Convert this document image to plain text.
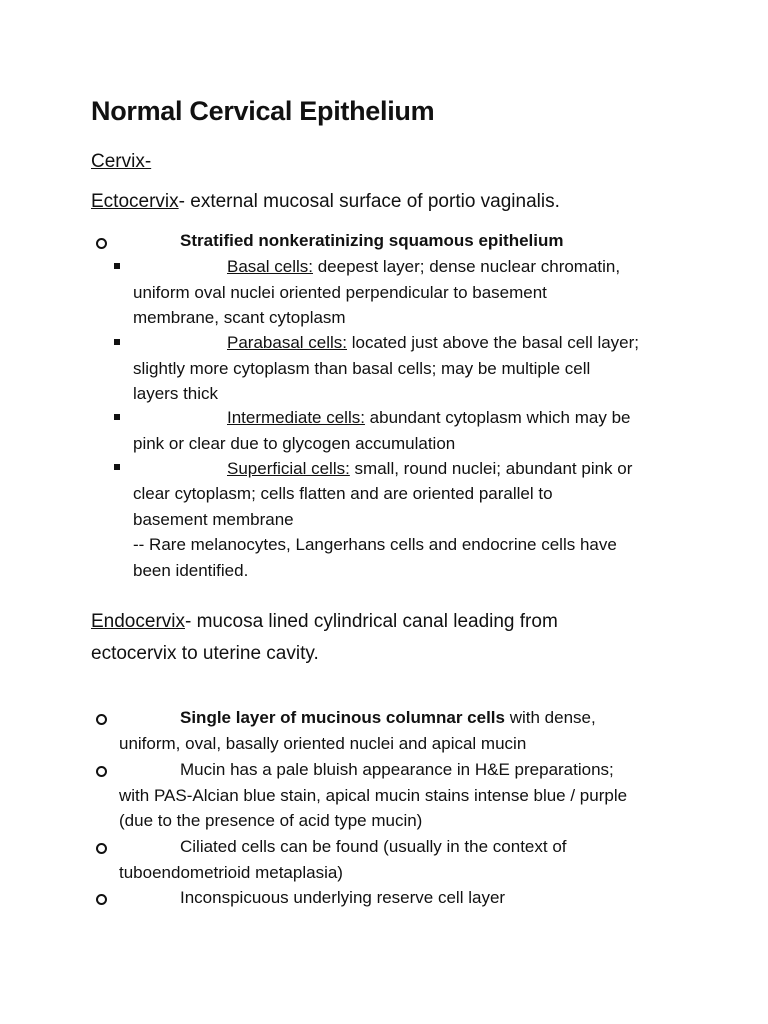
Normal Cervical Epithelium
Cervix-
Ectocervix- external mucosal surface of portio vaginalis.
Stratified nonkeratinizing squamous epithelium
Basal cells: deepest layer; dense nuclear chromatin,
uniform oval nuclei oriented perpendicular to basement
membrane, scant cytoplasm
Parabasal cells: located just above the basal cell layer;
slightly more cytoplasm than basal cells; may be multiple cell
layers thick
Intermediate cells: abundant cytoplasm which may be
pink or clear due to glycogen accumulation
Superficial cells: small, round nuclei; abundant pink or
clear cytoplasm; cells flatten and are oriented parallel to
basement membrane
-- Rare melanocytes, Langerhans cells and endocrine cells have
been identified.
Endocervix- mucosa lined cylindrical canal leading from
ectocervix to uterine cavity.
Single layer of mucinous columnar cells with dense,
uniform, oval, basally oriented nuclei and apical mucin
Mucin has a pale bluish appearance in H&E preparations;
with PAS-Alcian blue stain, apical mucin stains intense blue / purple
(due to the presence of acid type mucin)
Ciliated cells can be found (usually in the context of
tuboendometrioid metaplasia)
Inconspicuous underlying reserve cell layer
